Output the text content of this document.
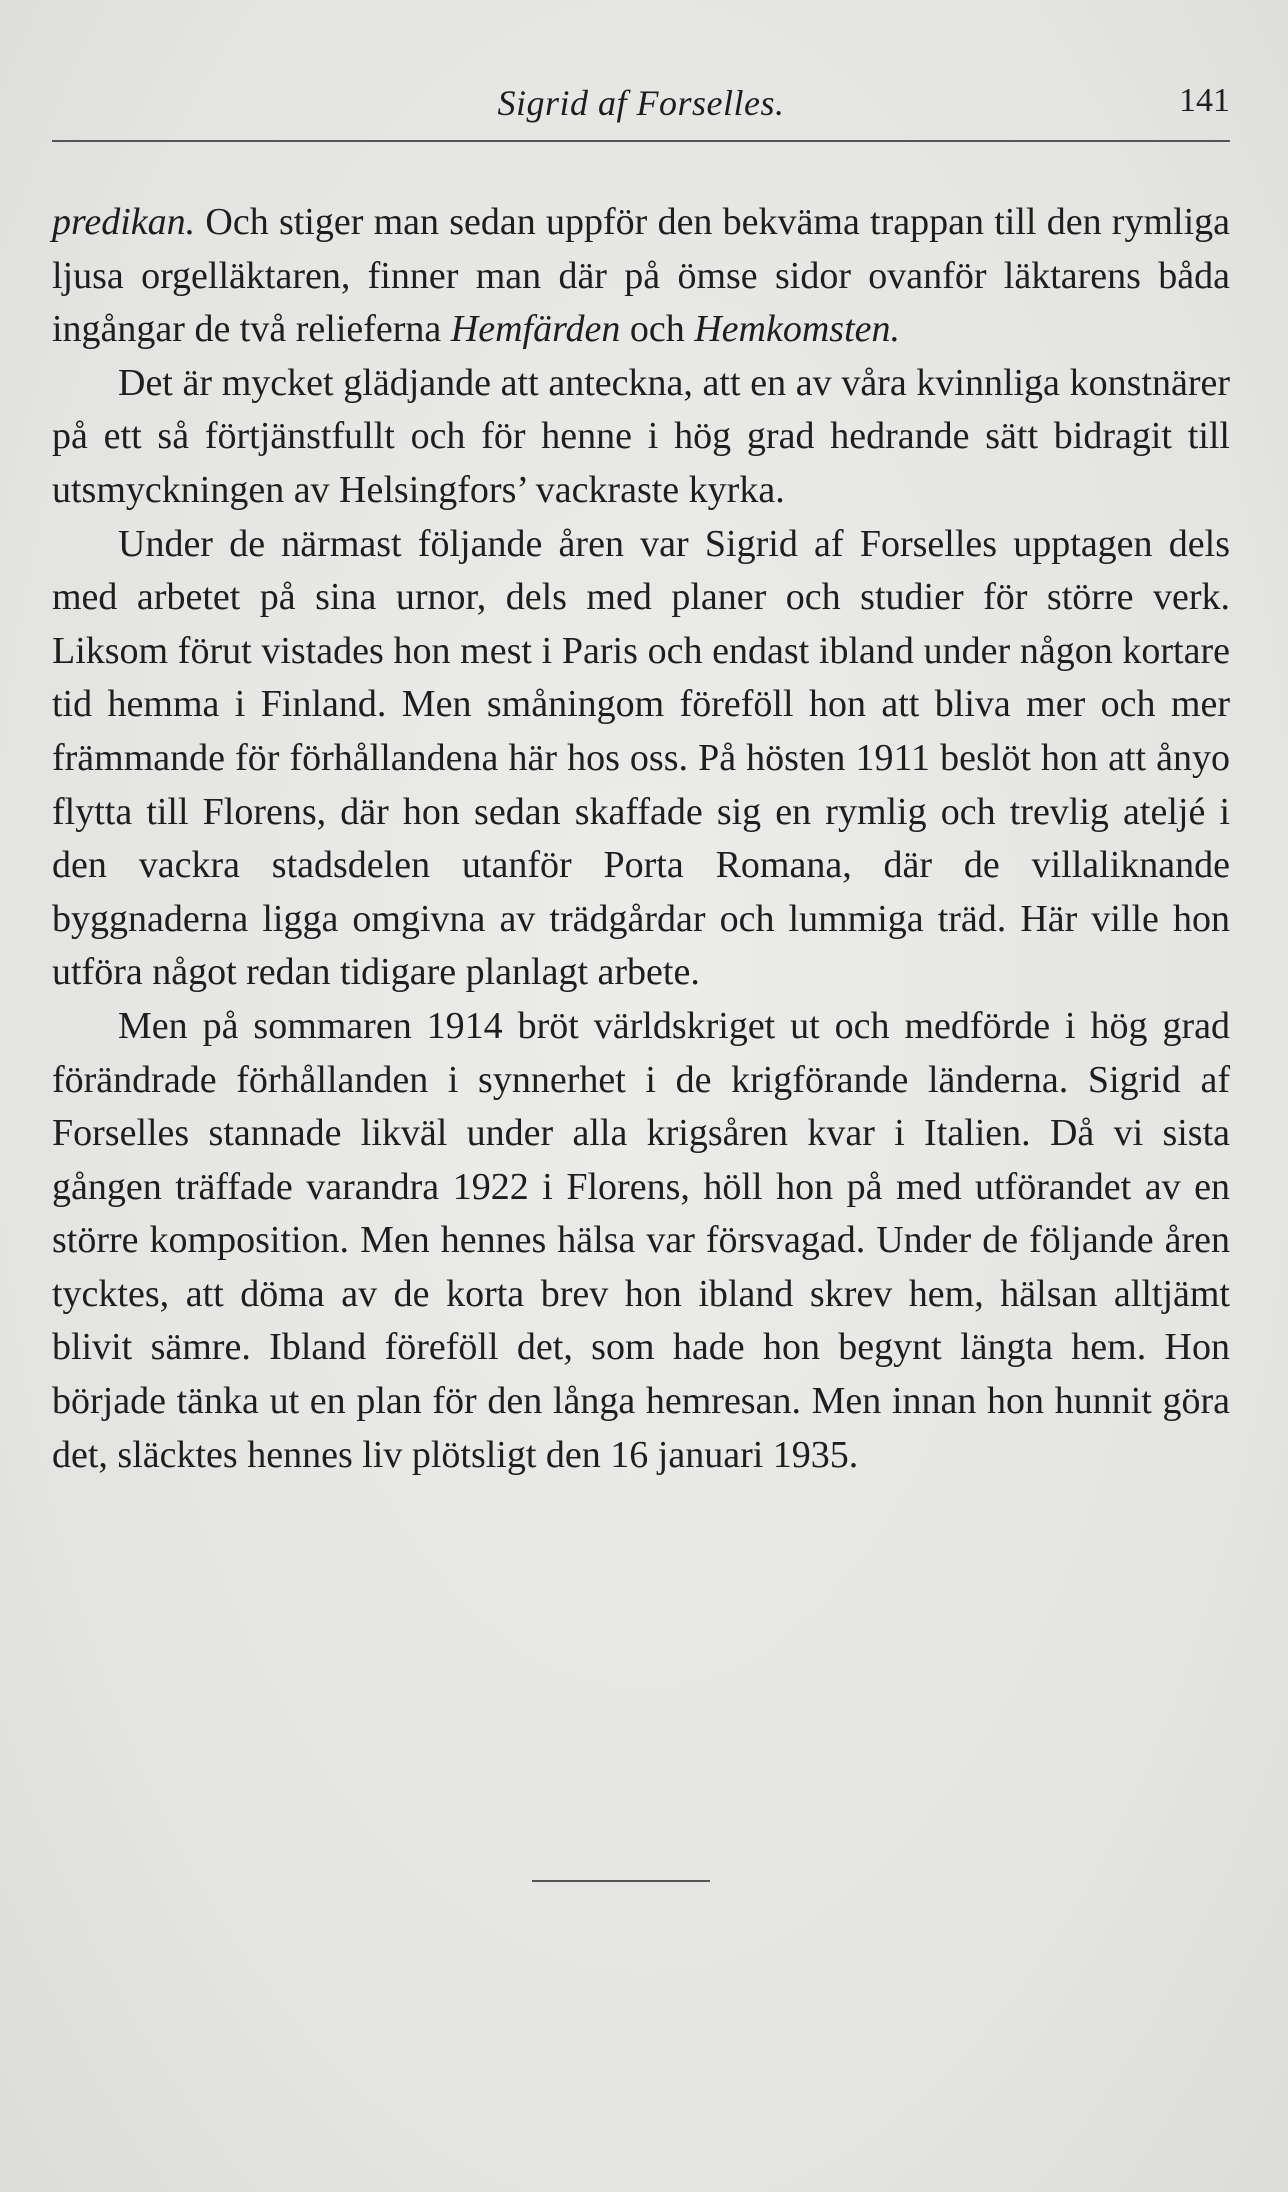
Sigrid af Forselles.	141

predikan. Och stiger man sedan uppför den bekväma trappan till den rymliga ljusa orgelläktaren, finner man där på ömse sidor ovanför läktarens båda ingångar de två relieferna Hemfärden och Hemkomsten.

Det är mycket glädjande att anteckna, att en av våra kvinnliga konstnärer på ett så förtjänstfullt och för henne i hög grad hedrande sätt bidragit till utsmyckningen av Helsingfors’ vackraste kyrka.

Under de närmast följande åren var Sigrid af Forselles upptagen dels med arbetet på sina urnor, dels med planer och studier för större verk. Liksom förut vistades hon mest i Paris och endast ibland under någon kortare tid hemma i Finland. Men småningom föreföll hon att bliva mer och mer främmande för förhållandena här hos oss. På hösten 1911 beslöt hon att ånyo flytta till Florens, där hon sedan skaffade sig en rymlig och trevlig ateljé i den vackra stadsdelen utanför Porta Romana, där de villaliknande byggnaderna ligga omgivna av trädgårdar och lummiga träd. Här ville hon utföra något redan tidigare planlagt arbete.

Men på sommaren 1914 bröt världskriget ut och medförde i hög grad förändrade förhållanden i synnerhet i de krigförande länderna. Sigrid af Forselles stannade likväl under alla krigsåren kvar i Italien. Då vi sista gången träffade varandra 1922 i Florens, höll hon på med utförandet av en större komposition. Men hennes hälsa var försvagad. Under de följande åren tycktes, att döma av de korta brev hon ibland skrev hem, hälsan alltjämt blivit sämre. Ibland föreföll det, som hade hon begynt längta hem. Hon började tänka ut en plan för den långa hemresan. Men innan hon hunnit göra det, släcktes hennes liv plötsligt den 16 januari 1935.
